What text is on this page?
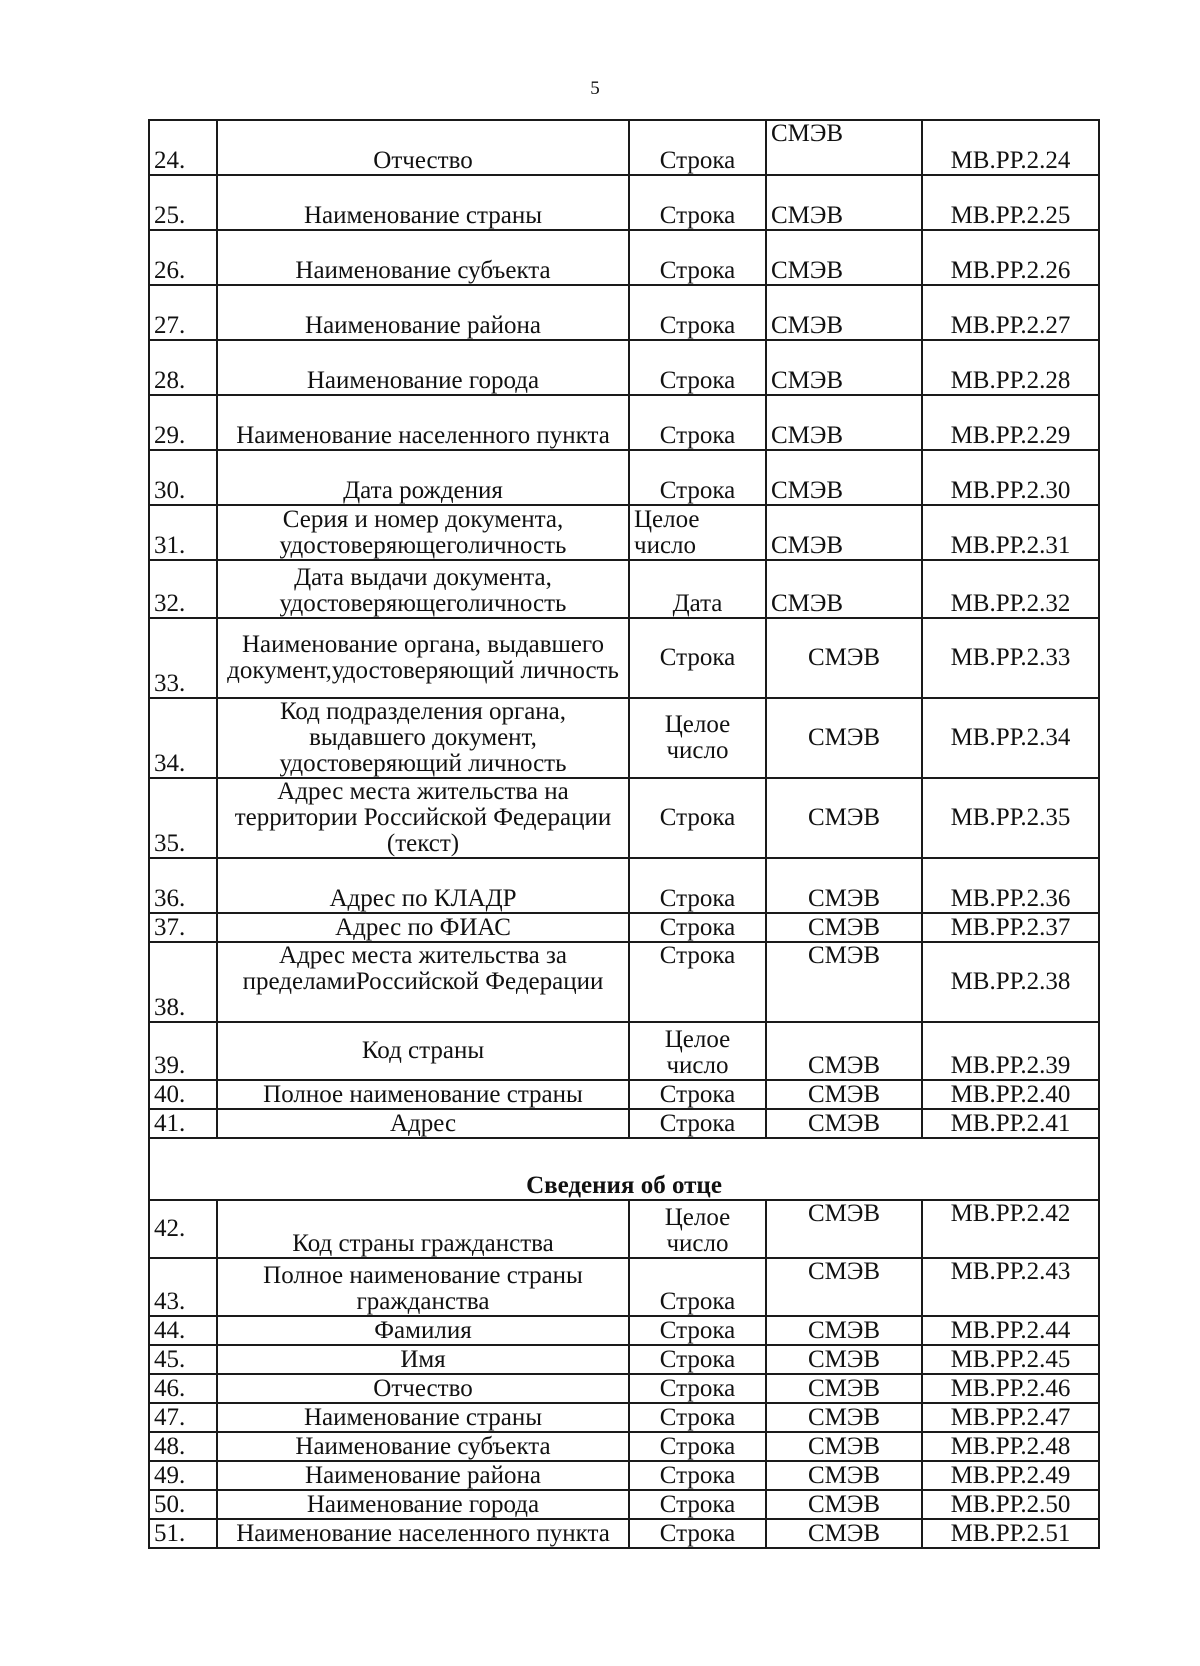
5
24.	Отчество	Строка	СМЭВ	МВ.РР.2.24
25.	Наименование страны	Строка	СМЭВ	МВ.РР.2.25
26.	Наименование субъекта	Строка	СМЭВ	МВ.РР.2.26
27.	Наименование района	Строка	СМЭВ	МВ.РР.2.27
28.	Наименование города	Строка	СМЭВ	МВ.РР.2.28
29.	Наименование населенного пункта	Строка	СМЭВ	МВ.РР.2.29
30.	Дата рождения	Строка	СМЭВ	МВ.РР.2.30
31.	Серия и номер документа, удостоверяющеголичность	Целое число	СМЭВ	МВ.РР.2.31
32.	Дата выдачи документа, удостоверяющеголичность	Дата	СМЭВ	МВ.РР.2.32
33.	Наименование органа, выдавшего документ,удостоверяющий личность	Строка	СМЭВ	МВ.РР.2.33
34.	Код подразделения органа, выдавшего документ, удостоверяющий личность	Целое число	СМЭВ	МВ.РР.2.34
35.	Адрес места жительства на территории Российской Федерации (текст)	Строка	СМЭВ	МВ.РР.2.35
36.	Адрес по КЛАДР	Строка	СМЭВ	МВ.РР.2.36
37.	Адрес по ФИАС	Строка	СМЭВ	МВ.РР.2.37
38.	Адрес места жительства за пределамиРоссийской Федерации	Строка	СМЭВ	МВ.РР.2.38
39.	Код страны	Целое число	СМЭВ	МВ.РР.2.39
40.	Полное наименование страны	Строка	СМЭВ	МВ.РР.2.40
41.	Адрес	Строка	СМЭВ	МВ.РР.2.41
Сведения об отце				
42.	Код страны гражданства	Целое число	СМЭВ	МВ.РР.2.42
43.	Полное наименование страны гражданства	Строка	СМЭВ	МВ.РР.2.43
44.	Фамилия	Строка	СМЭВ	МВ.РР.2.44
45.	Имя	Строка	СМЭВ	МВ.РР.2.45
46.	Отчество	Строка	СМЭВ	МВ.РР.2.46
47.	Наименование страны	Строка	СМЭВ	МВ.РР.2.47
48.	Наименование субъекта	Строка	СМЭВ	МВ.РР.2.48
49.	Наименование района	Строка	СМЭВ	МВ.РР.2.49
50.	Наименование города	Строка	СМЭВ	МВ.РР.2.50
51.	Наименование населенного пункта	Строка	СМЭВ	МВ.РР.2.51
